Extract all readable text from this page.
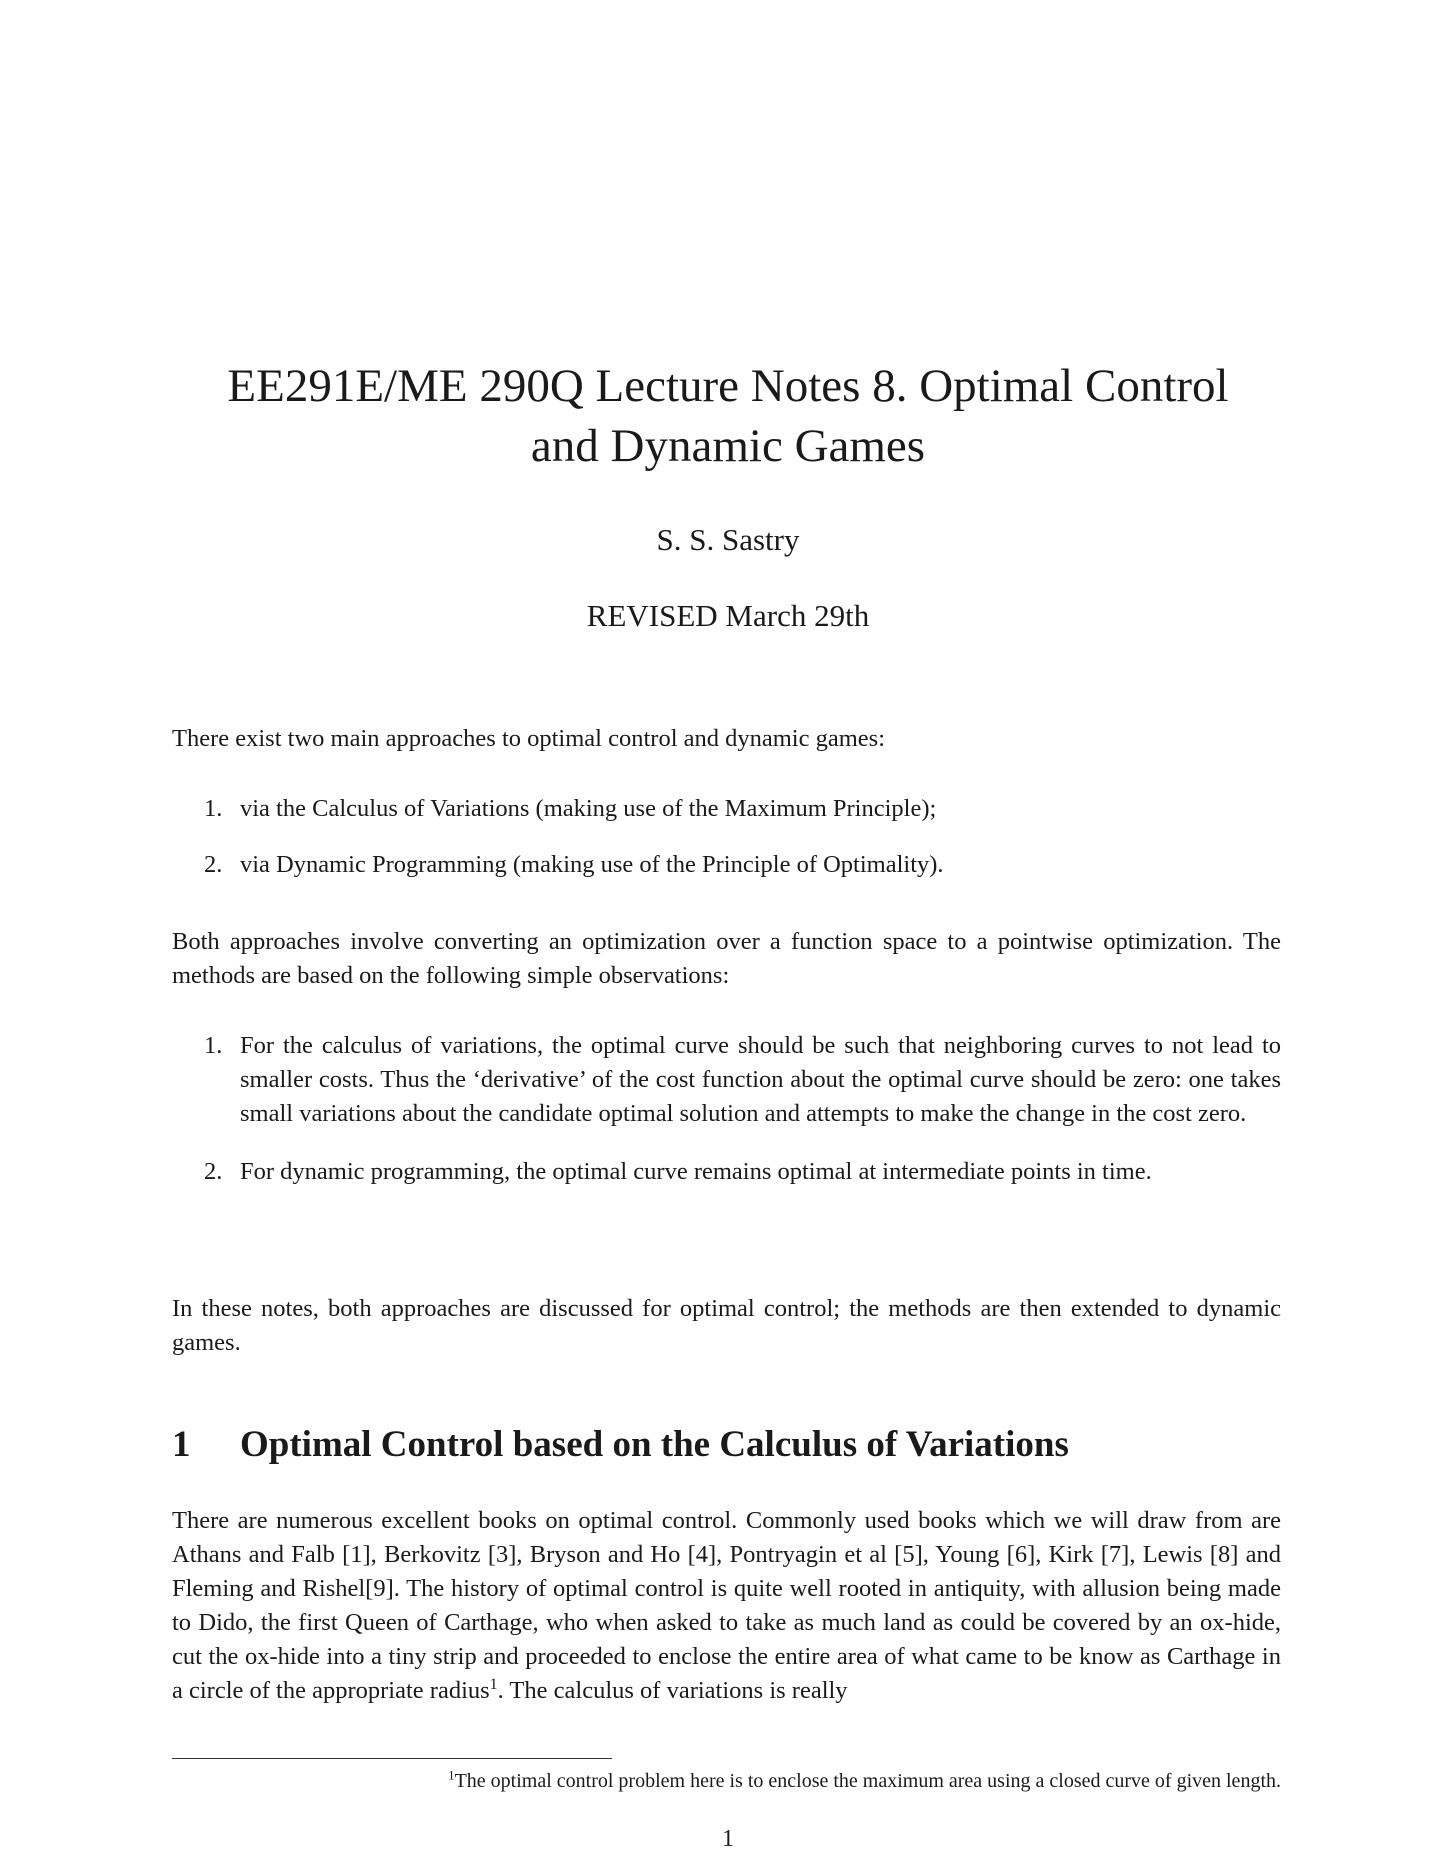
EE291E/ME 290Q Lecture Notes 8. Optimal Control
and Dynamic Games
S. S. Sastry
REVISED March 29th

There exist two main approaches to optimal control and dynamic games:

1. via the Calculus of Variations (making use of the Maximum Principle);
2. via Dynamic Programming (making use of the Principle of Optimality).

Both approaches involve converting an optimization over a function space to a pointwise optimization. The methods are based on the following simple observations:

1. For the calculus of variations, the optimal curve should be such that neighboring curves to not lead to smaller costs. Thus the ‘derivative’ of the cost function about the optimal curve should be zero: one takes small variations about the candidate optimal solution and attempts to make the change in the cost zero.
2. For dynamic programming, the optimal curve remains optimal at intermediate points in time.

In these notes, both approaches are discussed for optimal control; the methods are then extended to dynamic games.

1	Optimal Control based on the Calculus of Variations

There are numerous excellent books on optimal control. Commonly used books which we will draw from are Athans and Falb [1], Berkovitz [3], Bryson and Ho [4], Pontryagin et al [5], Young [6], Kirk [7], Lewis [8] and Fleming and Rishel[9]. The history of optimal control is quite well rooted in antiquity, with allusion being made to Dido, the first Queen of Carthage, who when asked to take as much land as could be covered by an ox-hide, cut the ox-hide into a tiny strip and proceeded to enclose the entire area of what came to be know as Carthage in a circle of the appropriate radius$^1$. The calculus of variations is really

$^1$The optimal control problem here is to enclose the maximum area using a closed curve of given length.
1
